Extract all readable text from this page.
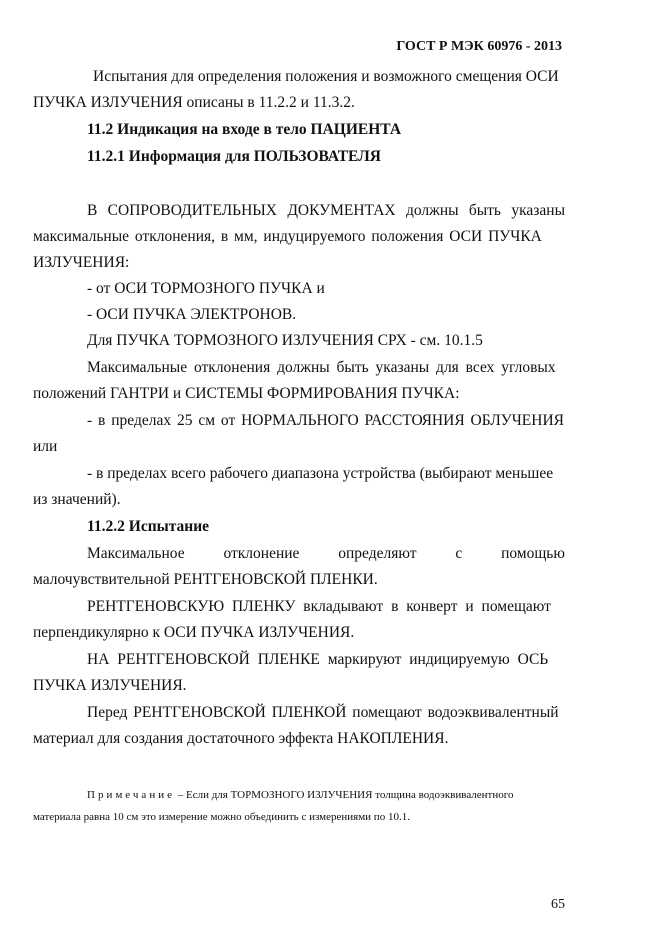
ГОСТ Р МЭК 60976 - 2013
Испытания для определения положения и возможного смещения ОСИ
ПУЧКА ИЗЛУЧЕНИЯ описаны в 11.2.2 и 11.3.2.
11.2 Индикация на входе в тело ПАЦИЕНТА
11.2.1 Информация для ПОЛЬЗОВАТЕЛЯ
В СОПРОВОДИТЕЛЬНЫХ ДОКУМЕНТАХ должны быть указаны
максимальные отклонения, в мм, индуцируемого положения ОСИ ПУЧКА
ИЗЛУЧЕНИЯ:
- от ОСИ ТОРМОЗНОГО ПУЧКА и
- ОСИ ПУЧКА ЭЛЕКТРОНОВ.
Для ПУЧКА ТОРМОЗНОГО ИЗЛУЧЕНИЯ СРХ - см. 10.1.5
Максимальные отклонения должны быть указаны для всех угловых
положений ГАНТРИ и СИСТЕМЫ ФОРМИРОВАНИЯ ПУЧКА:
- в пределах 25 см от НОРМАЛЬНОГО РАССТОЯНИЯ ОБЛУЧЕНИЯ
или
- в пределах всего рабочего диапазона устройства (выбирают меньшее
из значений).
11.2.2 Испытание
Максимальное	отклонение	определяют	с	помощью
малочувствительной РЕНТГЕНОВСКОЙ ПЛЕНКИ.
РЕНТГЕНОВСКУЮ ПЛЕНКУ вкладывают в конверт и помещают
перпендикулярно к ОСИ ПУЧКА ИЗЛУЧЕНИЯ.
НА РЕНТГЕНОВСКОЙ ПЛЕНКЕ маркируют индицируемую ОСЬ
ПУЧКА ИЗЛУЧЕНИЯ.
Перед РЕНТГЕНОВСКОЙ ПЛЕНКОЙ помещают водоэквивалентный
материал для создания достаточного эффекта НАКОПЛЕНИЯ.
Примечание – Если для ТОРМОЗНОГО ИЗЛУЧЕНИЯ толщина водоэквивалентного
материала равна 10 см это измерение можно объединить с измерениями по 10.1.
65
